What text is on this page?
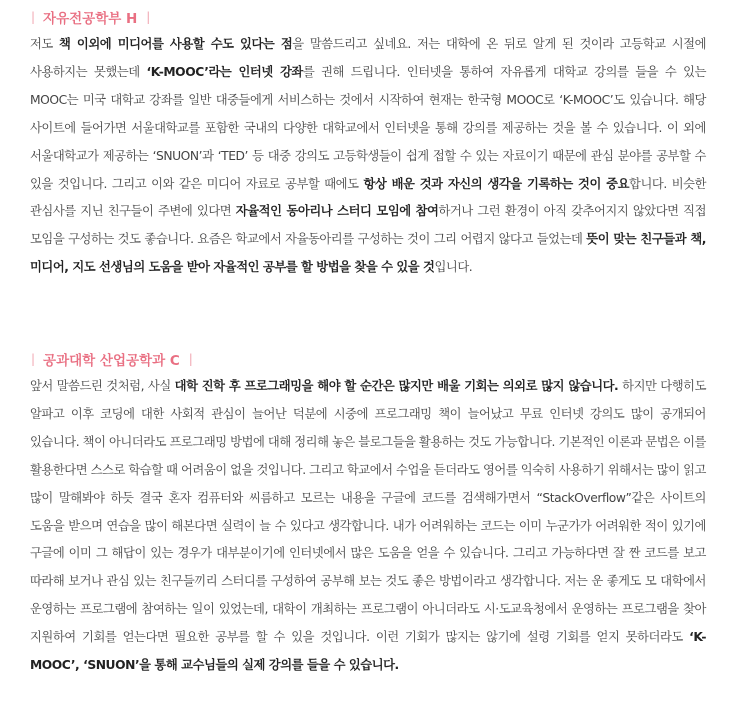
| 자유전공학부 H |

저도 책 이외에 미디어를 사용할 수도 있다는 점을 말씀드리고 싶네요. 저는 대학에 온 뒤로 알게 된 것이라 고등학교 시절에 사용하지는 못했는데 ‘K-MOOC’라는 인터넷 강좌를 권해 드립니다. 인터넷을 통하여 자유롭게 대학교 강의를 들을 수 있는 MOOC는 미국 대학교 강좌를 일반 대중들에게 서비스하는 것에서 시작하여 현재는 한국형 MOOC로 ‘K-MOOC’도 있습니다. 해당 사이트에 들어가면 서울대학교를 포함한 국내의 다양한 대학교에서 인터넷을 통해 강의를 제공하는 것을 볼 수 있습니다. 이 외에 서울대학교가 제공하는 ‘SNUON’과 ‘TED’ 등 대중 강의도 고등학생들이 쉽게 접할 수 있는 자료이기 때문에 관심 분야를 공부할 수 있을 것입니다. 그리고 이와 같은 미디어 자료로 공부할 때에도 항상 배운 것과 자신의 생각을 기록하는 것이 중요합니다. 비슷한 관심사를 지닌 친구들이 주변에 있다면 자율적인 동아리나 스터디 모임에 참여하거나 그런 환경이 아직 갖추어지지 않았다면 직접 모임을 구성하는 것도 좋습니다. 요즘은 학교에서 자율동아리를 구성하는 것이 그리 어렵지 않다고 들었는데 뜻이 맞는 친구들과 책, 미디어, 지도 선생님의 도움을 받아 자율적인 공부를 할 방법을 찾을 수 있을 것입니다.

| 공과대학 산업공학과 C |

앞서 말씀드린 것처럼, 사실 대학 진학 후 프로그래밍을 해야 할 순간은 많지만 배울 기회는 의외로 많지 않습니다. 하지만 다행히도 알파고 이후 코딩에 대한 사회적 관심이 늘어난 덕분에 시중에 프로그래밍 책이 늘어났고 무료 인터넷 강의도 많이 공개되어 있습니다. 책이 아니더라도 프로그래밍 방법에 대해 정리해 놓은 블로그들을 활용하는 것도 가능합니다. 기본적인 이론과 문법은 이를 활용한다면 스스로 학습할 때 어려움이 없을 것입니다. 그리고 학교에서 수업을 듣더라도 영어를 익숙히 사용하기 위해서는 많이 읽고 많이 말해봐야 하듯 결국 혼자 컴퓨터와 씨름하고 모르는 내용을 구글에 코드를 검색해가면서 “StackOverflow”같은 사이트의 도움을 받으며 연습을 많이 해본다면 실력이 늘 수 있다고 생각합니다. 내가 어려워하는 코드는 이미 누군가가 어려워한 적이 있기에 구글에 이미 그 해답이 있는 경우가 대부분이기에 인터넷에서 많은 도움을 얻을 수 있습니다. 그리고 가능하다면 잘 짠 코드를 보고 따라해 보거나 관심 있는 친구들끼리 스터디를 구성하여 공부해 보는 것도 좋은 방법이라고 생각합니다. 저는 운 좋게도 모 대학에서 운영하는 프로그램에 참여하는 일이 있었는데, 대학이 개최하는 프로그램이 아니더라도 시·도교육청에서 운영하는 프로그램을 찾아 지원하여 기회를 얻는다면 필요한 공부를 할 수 있을 것입니다. 이런 기회가 많지는 않기에 설령 기회를 얻지 못하더라도 ‘K-MOOC’, ‘SNUON’을 통해 교수님들의 실제 강의를 들을 수 있습니다.
